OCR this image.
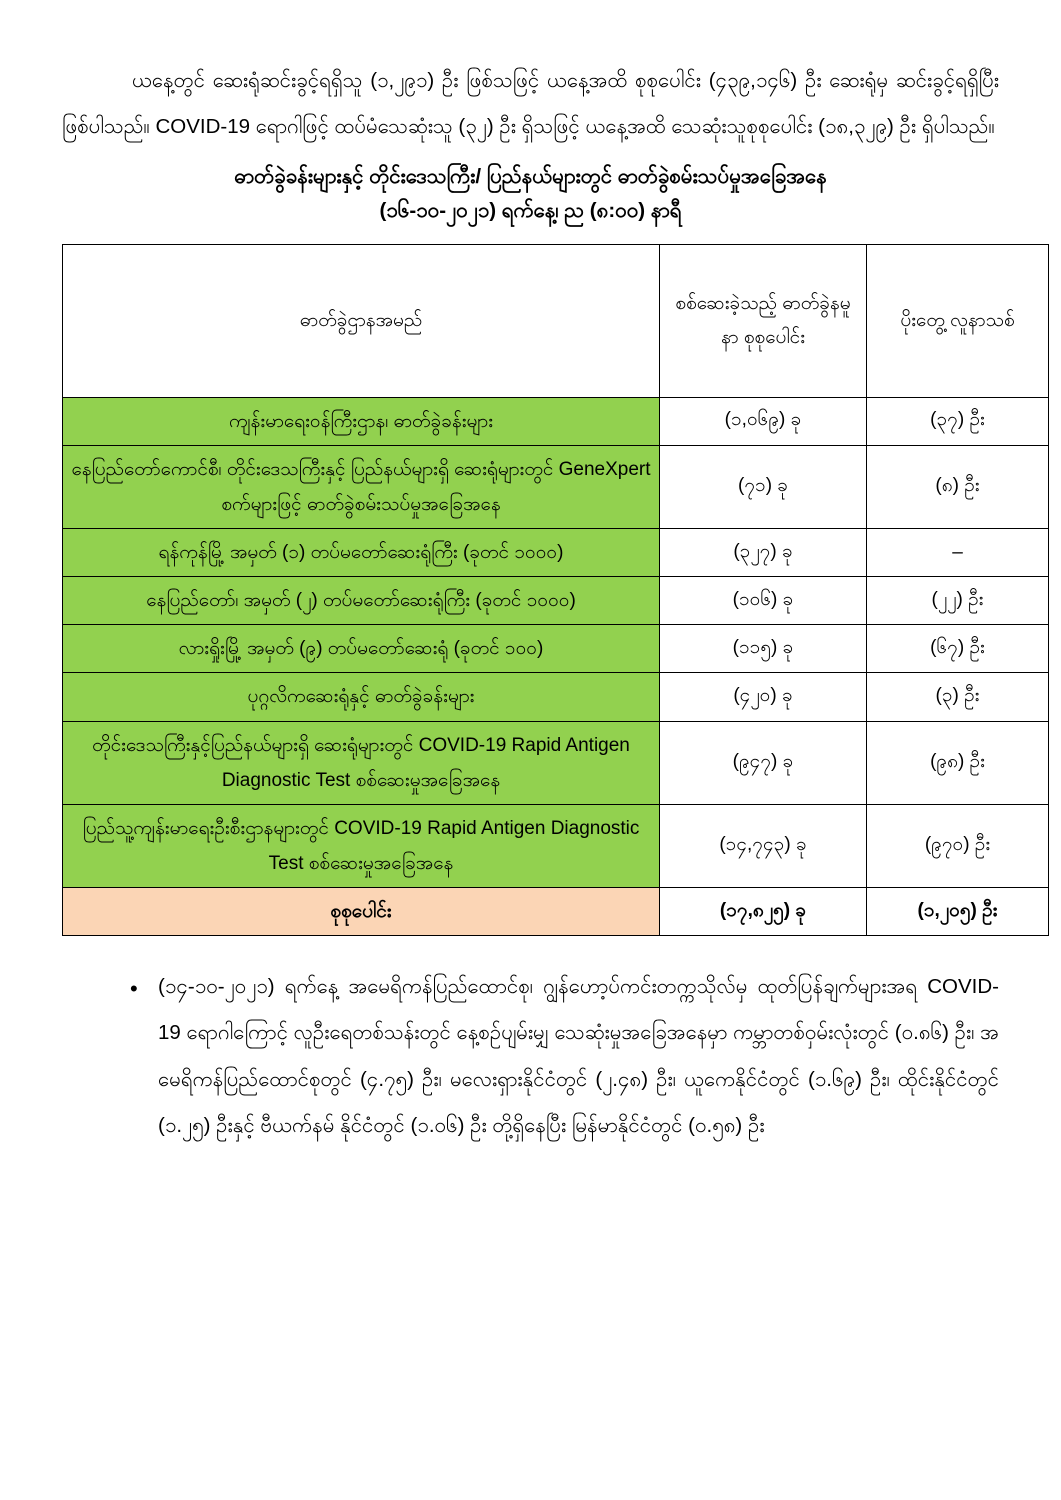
ယနေ့တွင် ဆေးရုံဆင်းခွင့်ရရှိသူ (၁,၂၉၁) ဦး ဖြစ်သဖြင့် ယနေ့အထိ စုစုပေါင်း (၄၃၉,၁၄၆) ဦး ဆေးရုံမှ ဆင်းခွင့်ရရှိပြီး ဖြစ်ပါသည်။ COVID-19 ရောဂါဖြင့် ထပ်မံသေဆုံးသူ (၃၂) ဦး ရှိသဖြင့် ယနေ့အထိ သေဆုံးသူစုစုပေါင်း (၁၈,၃၂၉) ဦး ရှိပါသည်။

ဓာတ်ခွဲခန်းများနှင့် တိုင်းဒေသကြီး/ ပြည်နယ်များတွင် ဓာတ်ခွဲစမ်းသပ်မှုအခြေအနေ
(၁၆-၁၀-၂၀၂၁) ရက်နေ့၊ ည (၈:၀၀) နာရီ
ဓာတ်ခွဲဌာနအမည်	စစ်ဆေးခဲ့သည့် ဓာတ်ခွဲနမူနာ စုစုပေါင်း	ပိုးတွေ့ လူနာသစ်
ကျန်းမာရေးဝန်ကြီးဌာန၊ ဓာတ်ခွဲခန်းများ	(၁,၀၆၉) ခု	(၃၇) ဦး
နေပြည်တော်ကောင်စီ၊ တိုင်းဒေသကြီးနှင့် ပြည်နယ်များရှိ ဆေးရုံများတွင် GeneXpert စက်များဖြင့် ဓာတ်ခွဲစမ်းသပ်မှုအခြေအနေ	(၇၁) ခု	(၈) ဦး
ရန်ကုန်မြို့ အမှတ် (၁) တပ်မတော်ဆေးရုံကြီး (ခုတင် ၁၀၀၀)	(၃၂၇) ခု	–
နေပြည်တော်၊ အမှတ် (၂) တပ်မတော်ဆေးရုံကြီး (ခုတင် ၁၀၀၀)	(၁၀၆) ခု	(၂၂) ဦး
လားရှိုးမြို့ အမှတ် (၉) တပ်မတော်ဆေးရုံ (ခုတင် ၁၀၀)	(၁၁၅) ခု	(၆၇) ဦး
ပုဂ္ဂလိကဆေးရုံနှင့် ဓာတ်ခွဲခန်းများ	(၄၂၀) ခု	(၃) ဦး
တိုင်းဒေသကြီးနှင့်ပြည်နယ်များရှိ ဆေးရုံများတွင် COVID-19 Rapid Antigen Diagnostic Test စစ်ဆေးမှုအခြေအနေ	(၉၄၇) ခု	(၉၈) ဦး
ပြည်သူ့ကျန်းမာရေးဦးစီးဌာနများတွင် COVID-19 Rapid Antigen Diagnostic Test စစ်ဆေးမှုအခြေအနေ	(၁၄,၇၄၃) ခု	(၉၇၀) ဦး
စုစုပေါင်း	(၁၇,၈၂၅) ခု	(၁,၂၀၅) ဦး
• (၁၄-၁၀-၂၀၂၁) ရက်နေ့ အမေရိကန်ပြည်ထောင်စု၊ ဂျွန်ဟော့ပ်ကင်းတက္ကသိုလ်မှ ထုတ်ပြန်ချက်များအရ COVID-19 ရောဂါကြောင့် လူဦးရေတစ်သန်းတွင် နေ့စဉ်ပျမ်းမျှ သေဆုံးမှုအခြေအနေမှာ ကမ္ဘာတစ်ဝှမ်းလုံးတွင် (၀.၈၆) ဦး၊ အမေရိကန်ပြည်ထောင်စုတွင် (၄.၇၅) ဦး၊ မလေးရှားနိုင်ငံတွင် (၂.၄၈) ဦး၊ ယူကေနိုင်ငံတွင် (၁.၆၉) ဦး၊ ထိုင်းနိုင်ငံတွင် (၁.၂၅) ဦးနှင့် ဗီယက်နမ် နိုင်ငံတွင် (၁.၀၆) ဦး တို့ရှိနေပြီး မြန်မာနိုင်ငံတွင် (၀.၅၈) ဦး
